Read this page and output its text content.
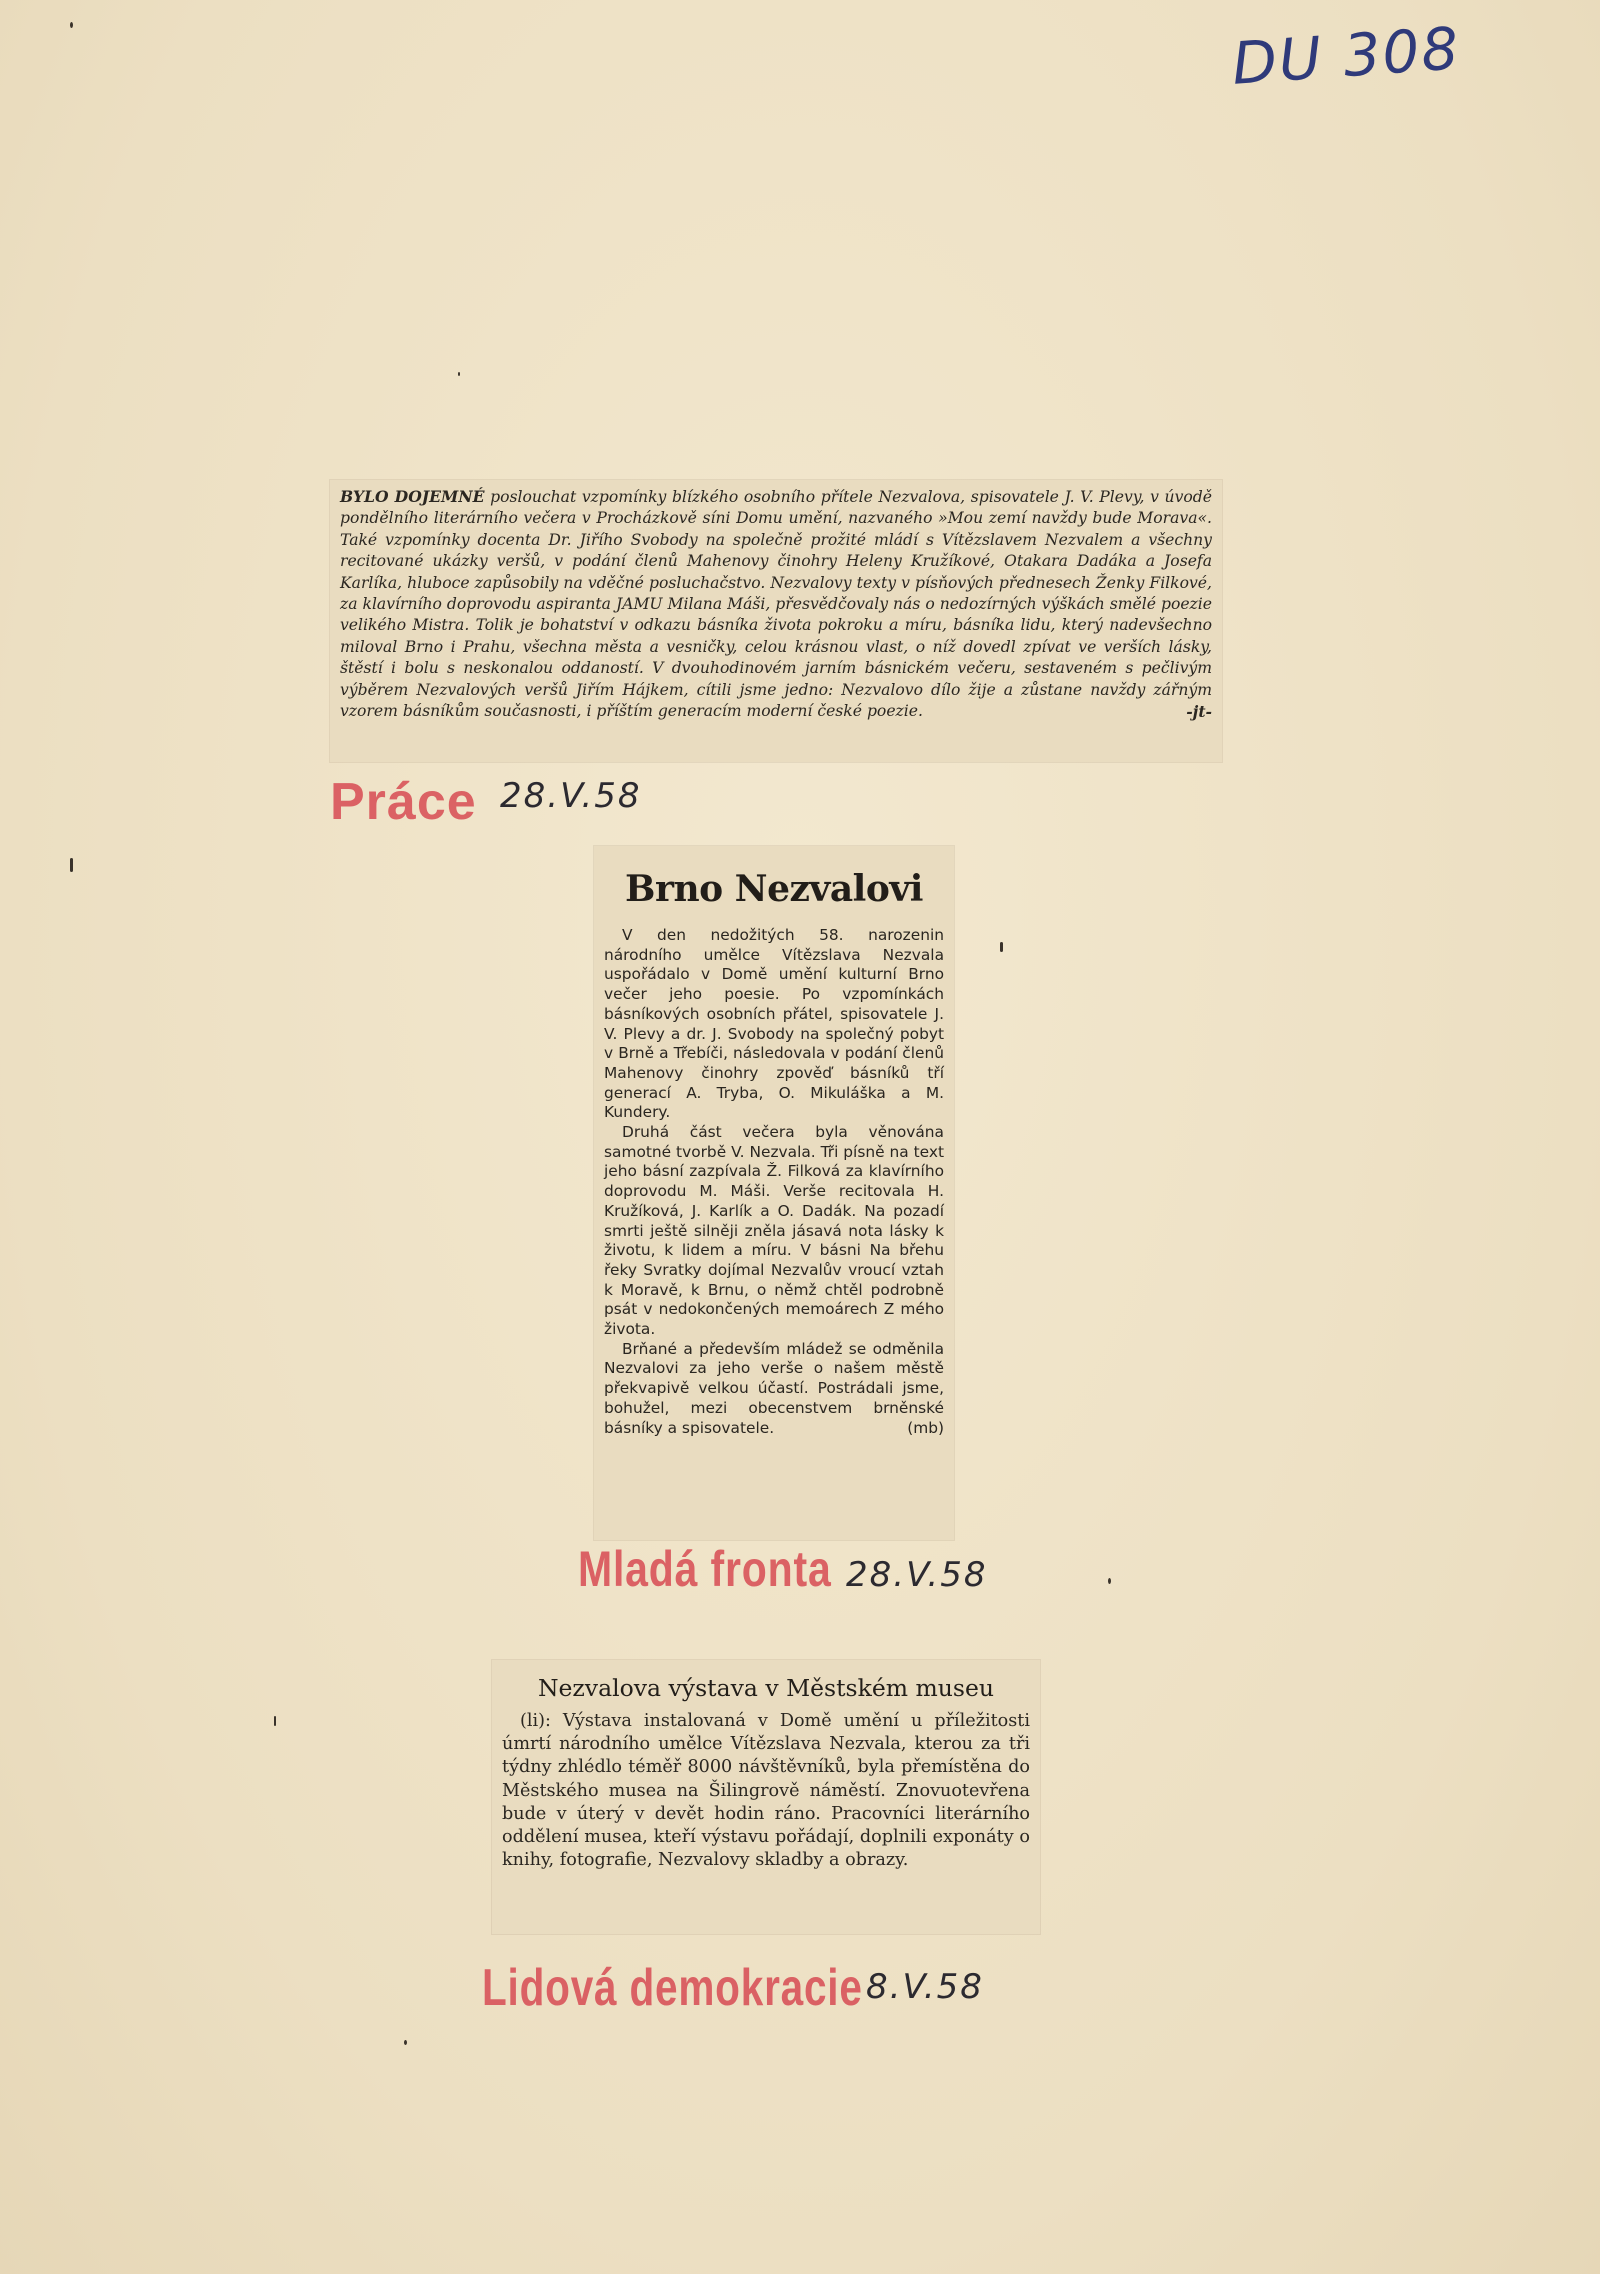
DU 308

BYLO DOJEMNÉ poslouchat vzpomínky blízkého osobního přítele Nezvalova, spisovatele J. V. Plevy, v úvodě pondělního literárního večera v Procházkově síni Domu umění, nazvaného »Mou zemí navždy bude Morava«. Také vzpomínky docenta Dr. Jiřího Svobody na společně prožité mládí s Vítězslavem Nezvalem a všechny recitované ukázky veršů, v podání členů Mahenovy činohry Heleny Kružíkové, Otakara Dadáka a Josefa Karlíka, hluboce zapůsobily na vděčné posluchačstvo. Nezvalovy texty v písňových přednesech Ženky Filkové, za klavírního doprovodu aspiranta JAMU Milana Máši, přesvědčovaly nás o nedozírných výškách smělé poezie velikého Mistra. Tolik je bohatství v odkazu básníka života pokroku a míru, básníka lidu, který nadevšechno miloval Brno i Prahu, všechna města a vesničky, celou krásnou vlast, o níž dovedl zpívat ve verších lásky, štěstí i bolu s neskonalou oddaností. V dvouhodinovém jarním básnickém večeru, sestaveném s pečlivým výběrem Nezvalových veršů Jiřím Hájkem, cítili jsme jedno: Nezvalovo dílo žije a zůstane navždy zářným vzorem básníkům současnosti, i příštím generacím moderní české poezie.	-jt-

Práce 28.V.58
Brno Nezvalovi

V den nedožitých 58. narozenin národního umělce Vítězslava Nezvala uspořádalo v Domě umění kulturní Brno večer jeho poesie. Po vzpomínkách básníkových osobních přátel, spisovatele J. V. Plevy a dr. J. Svobody na společný pobyt v Brně a Třebíči, následovala v podání členů Mahenovy činohry zpověď básníků tří generací A. Tryba, O. Mikuláška a M. Kundery.

Druhá část večera byla věnována samotné tvorbě V. Nezvala. Tři písně na text jeho básní zazpívala Ž. Filková za klavírního doprovodu M. Máši. Verše recitovala H. Kružíková, J. Karlík a O. Dadák. Na pozadí smrti ještě silněji zněla jásavá nota lásky k životu, k lidem a míru. V básni Na břehu řeky Svratky dojímal Nezvalův vroucí vztah k Moravě, k Brnu, o němž chtěl podrobně psát v nedokončených memoárech Z mého života.

Brňané a především mládež se odměnila Nezvalovi za jeho verše o našem městě překvapivě velkou účastí. Postrádali jsme, bohužel, mezi obecenstvem brněnské básníky a spisovatele.	(mb)
Mladá fronta 28.V.58
Nezvalova výstava v Městském museu

(li): Výstava instalovaná v Domě umění u příležitosti úmrtí národního umělce Vítězslava Nezvala, kterou za tři týdny zhlédlo téměř 8000 návštěvníků, byla přemístěna do Městského musea na Šilingrově náměstí. Znovuotevřena bude v úterý v devět hodin ráno. Pracovníci literárního oddělení musea, kteří výstavu pořádají, doplnili exponáty o knihy, fotografie, Nezvalovy skladby a obrazy.

Lidová demokracie 8.V.58
